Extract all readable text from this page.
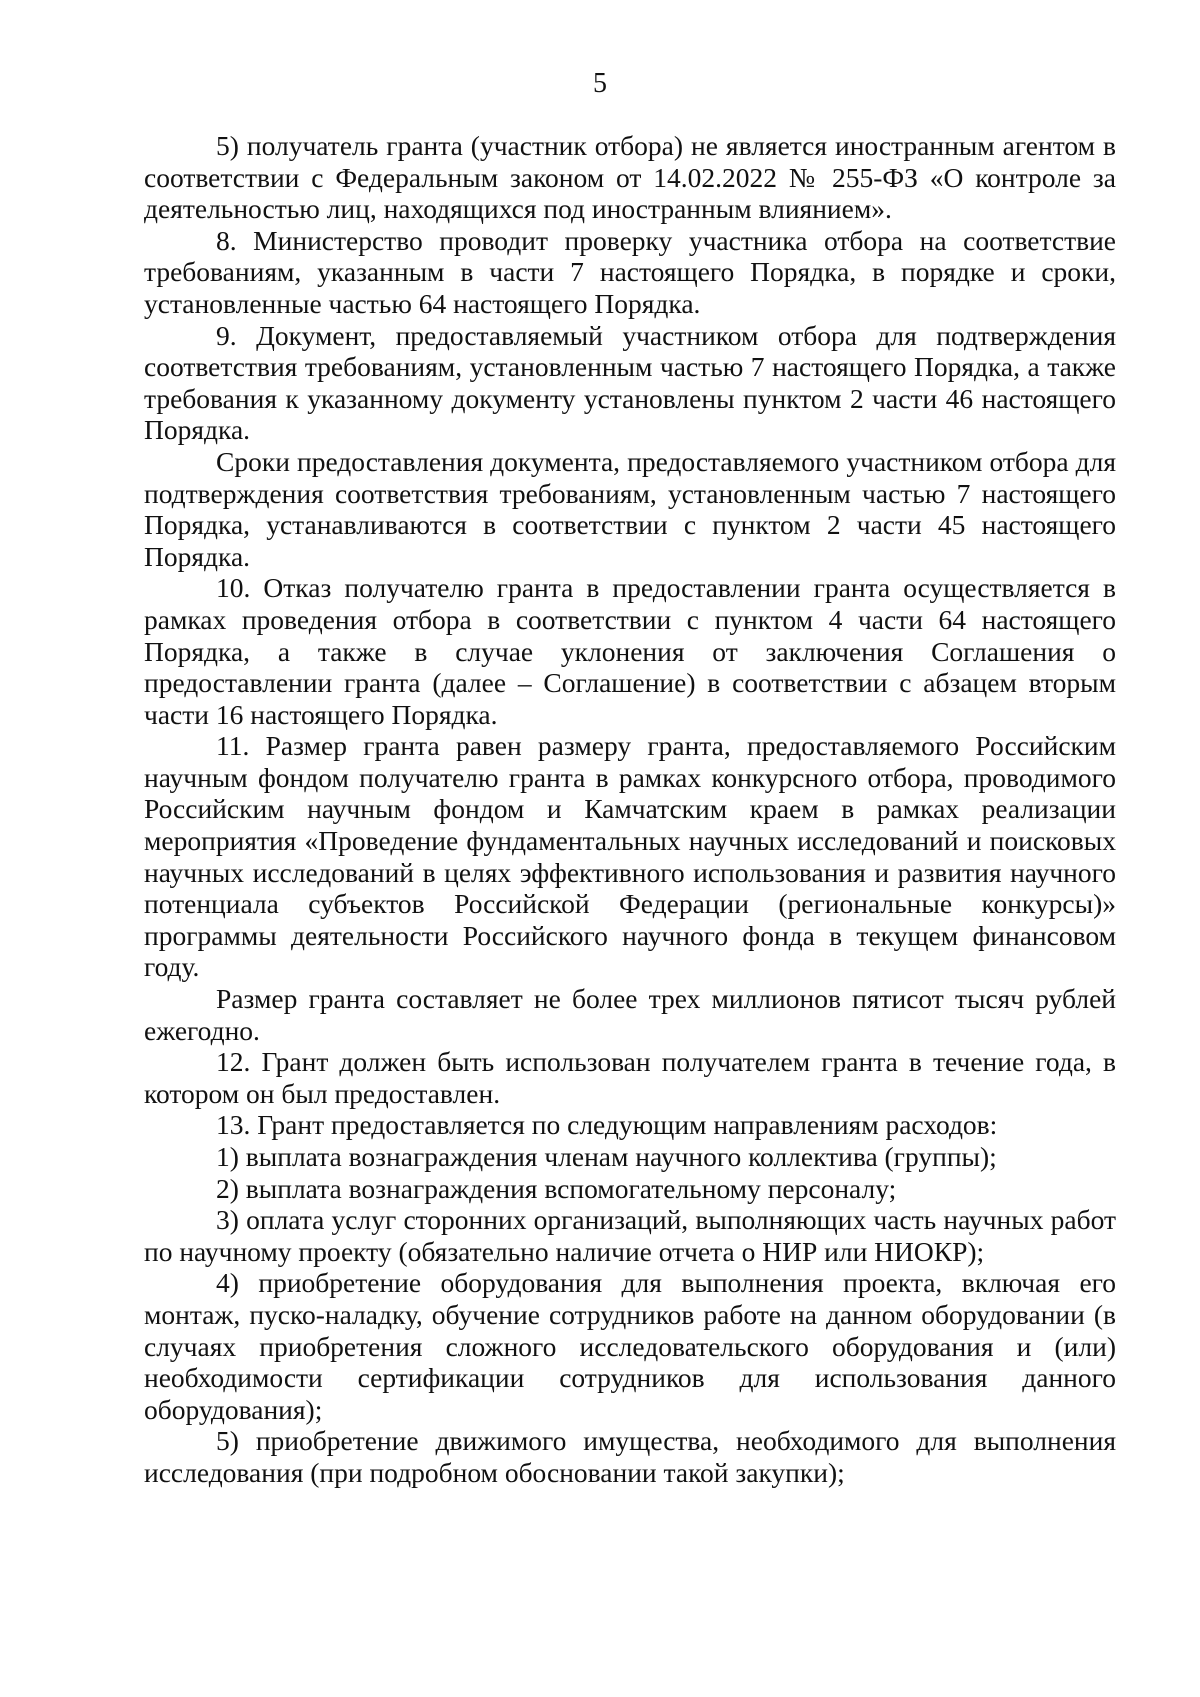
5

5) получатель гранта (участник отбора) не является иностранным агентом в соответствии с Федеральным законом от 14.02.2022 № 255-ФЗ «О контроле за деятельностью лиц, находящихся под иностранным влиянием».

8. Министерство проводит проверку участника отбора на соответствие требованиям, указанным в части 7 настоящего Порядка, в порядке и сроки, установленные частью 64 настоящего Порядка.

9. Документ, предоставляемый участником отбора для подтверждения соответствия требованиям, установленным частью 7 настоящего Порядка, а также требования к указанному документу установлены пунктом 2 части 46 настоящего Порядка.

Сроки предоставления документа, предоставляемого участником отбора для подтверждения соответствия требованиям, установленным частью 7 настоящего Порядка, устанавливаются в соответствии с пунктом 2 части 45 настоящего Порядка.

10. Отказ получателю гранта в предоставлении гранта осуществляется в рамках проведения отбора в соответствии с пунктом 4 части 64 настоящего Порядка, а также в случае уклонения от заключения Соглашения о предоставлении гранта (далее – Соглашение) в соответствии с абзацем вторым части 16 настоящего Порядка.

11. Размер гранта равен размеру гранта, предоставляемого Российским научным фондом получателю гранта в рамках конкурсного отбора, проводимого Российским научным фондом и Камчатским краем в рамках реализации мероприятия «Проведение фундаментальных научных исследований и поисковых научных исследований в целях эффективного использования и развития научного потенциала субъектов Российской Федерации (региональные конкурсы)» программы деятельности Российского научного фонда в текущем финансовом году.

Размер гранта составляет не более трех миллионов пятисот тысяч рублей ежегодно.

12. Грант должен быть использован получателем гранта в течение года, в котором он был предоставлен.

13. Грант предоставляется по следующим направлениям расходов:

1) выплата вознаграждения членам научного коллектива (группы);

2) выплата вознаграждения вспомогательному персоналу;

3) оплата услуг сторонних организаций, выполняющих часть научных работ по научному проекту (обязательно наличие отчета о НИР или НИОКР);

4) приобретение оборудования для выполнения проекта, включая его монтаж, пуско-наладку, обучение сотрудников работе на данном оборудовании (в случаях приобретения сложного исследовательского оборудования и (или) необходимости сертификации сотрудников для использования данного оборудования);

5) приобретение движимого имущества, необходимого для выполнения исследования (при подробном обосновании такой закупки);
